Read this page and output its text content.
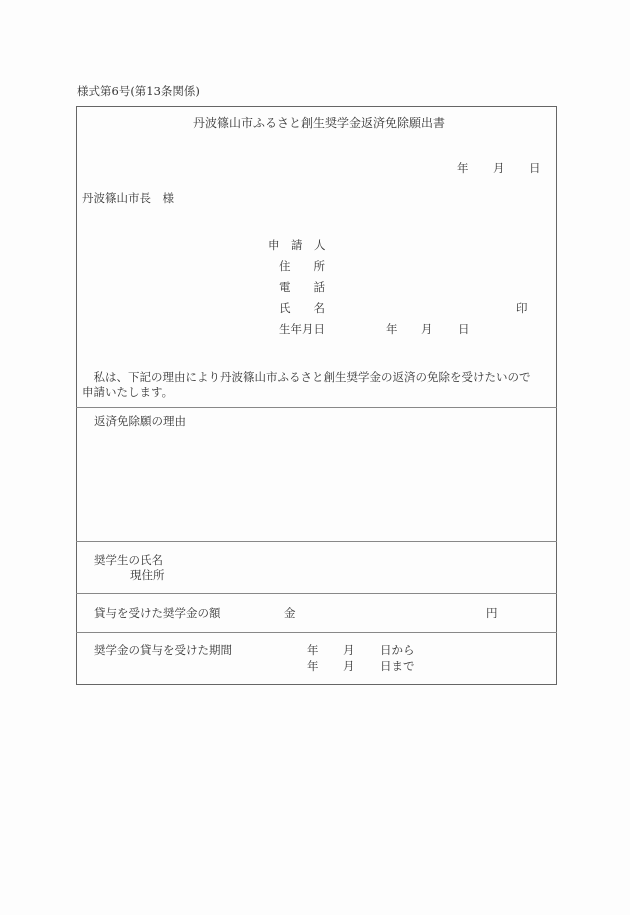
様式第6号(第13条関係)
丹波篠山市ふるさと創生奨学金返済免除願出書
年 月 日
丹波篠山市長　様
申　請　人
住　　所
電　　話
氏　　名	印
生年月日	年 月 日
　私は、下記の理由により丹波篠山市ふるさと創生奨学金の返済の免除を受けたいので
申請いたします。
返済免除願の理由
奨学生の氏名
現住所
貸与を受けた奨学金の額	金	円
奨学金の貸与を受けた期間	年 月 日から
年 月 日まで
